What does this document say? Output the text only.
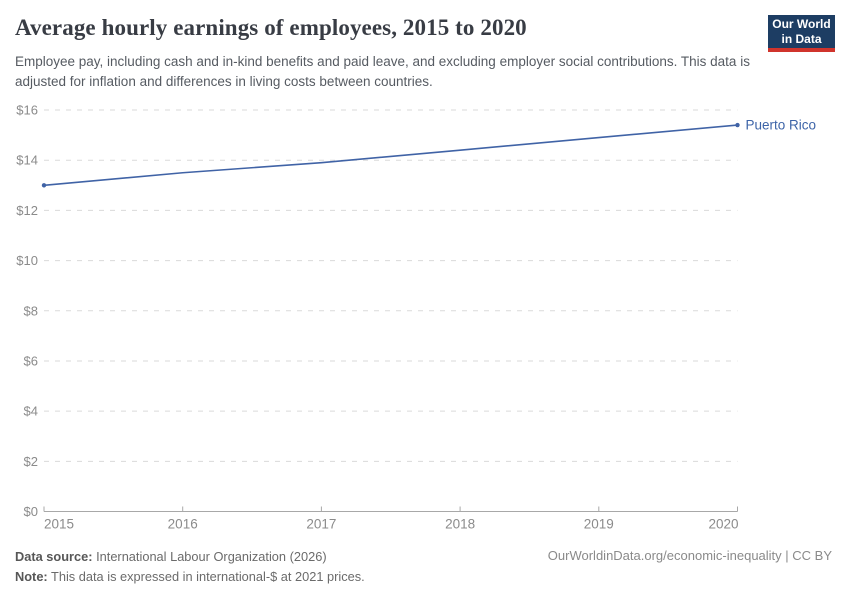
Average hourly earnings of employees, 2015 to 2020

Employee pay, including cash and in-kind benefits and paid leave, and excluding employer social contributions. This data is adjusted for inflation and differences in living costs between countries.

Our World
in Data
$0
$2
$4
$6
$8
$10
$12
$14
$16
2015	2016	2017	2018	2019	2020
Puerto Rico
Data source: International Labour Organization (2026)
Note: This data is expressed in international-$ at 2021 prices.
OurWorldinData.org/economic-inequality | CC BY
